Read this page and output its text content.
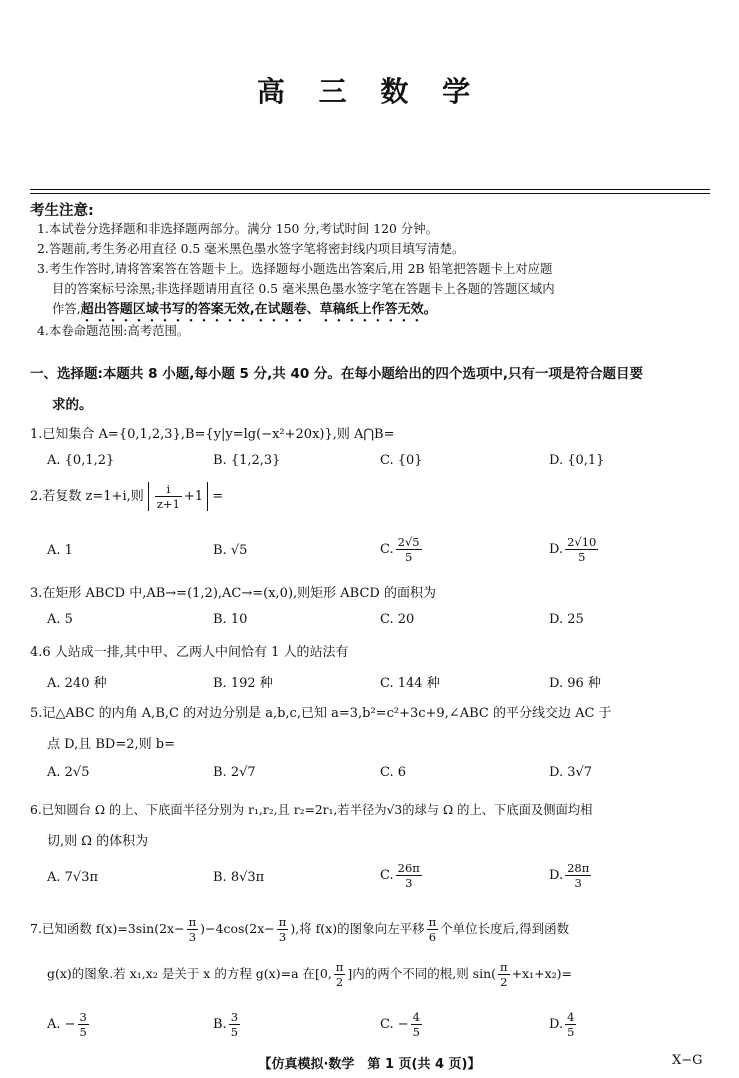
高 三 数 学
考生注意:
1.本试卷分选择题和非选择题两部分。满分 150 分,考试时间 120 分钟。
2.答题前,考生务必用直径 0.5 毫米黑色墨水签字笔将密封线内项目填写清楚。
3.考生作答时,请将答案答在答题卡上。选择题每小题选出答案后,用 2B 铅笔把答题卡上对应题
目的答案标号涂黑;非选择题请用直径 0.5 毫米黑色墨水签字笔在答题卡上各题的答题区域内
作答,超出答题区域书写的答案无效,在试题卷、草稿纸上作答无效。
4.本卷命题范围:高考范围。
一、选择题:本题共 8 小题,每小题 5 分,共 40 分。在每小题给出的四个选项中,只有一项是符合题目要
求的。
1.已知集合 A={0,1,2,3},B={y|y=lg(−x²+20x)},则 A⋂B=
A. {0,1,2}	B. {1,2,3}	C. {0}	D. {0,1}
2.若复数 z=1+i,则 $\frac{i}{z+1} +1$ =
A. 1	B. √5	C. $\frac{2√5}{5}$	D. $\frac{2√10}{5}$
3.在矩形 ABCD 中,AB→=(1,2),AC→=(x,0),则矩形 ABCD 的面积为
A. 5	B. 10	C. 20	D. 25
4.6 人站成一排,其中甲、乙两人中间恰有 1 人的站法有
A. 240 种	B. 192 种	C. 144 种	D. 96 种
5.记△ABC 的内角 A,B,C 的对边分别是 a,b,c,已知 a=3,b²=c²+3c+9,∠ABC 的平分线交边 AC 于
点 D,且 BD=2,则 b=
A. 2√5	B. 2√7	C. 6	D. 3√7
6.已知圆台 Ω 的上、下底面半径分别为 r₁,r₂,且 r₂=2r₁,若半径为√3的球与 Ω 的上、下底面及侧面均相
切,则 Ω 的体积为
A. 7√3π	B. 8√3π	C. $\frac{26\pi}{3}$	D. $\frac{28\pi}{3}$
7.已知函数 $f(x)=3\sin(2x- \frac{\pi}{3} )-4\cos(2x- \frac{\pi}{3}$ ),将 f(x)的图象向左平移 $\frac{\pi}{6}$ 个单位长度后,得到函数
g(x)的图象.若 x₁,x₂ 是关于 x 的方程 g(x)=a 在[0, $\frac{\pi}{2}$ ]内的两个不同的根,则 $\sin( \frac{\pi}{2} +x_1+x_2)=$
A. − $\frac{3}{5}$	B. $\frac{3}{5}$	C. − $\frac{4}{5}$	D. $\frac{4}{5}$
【仿真模拟·数学　第 1 页(共 4 页)】	X−G
